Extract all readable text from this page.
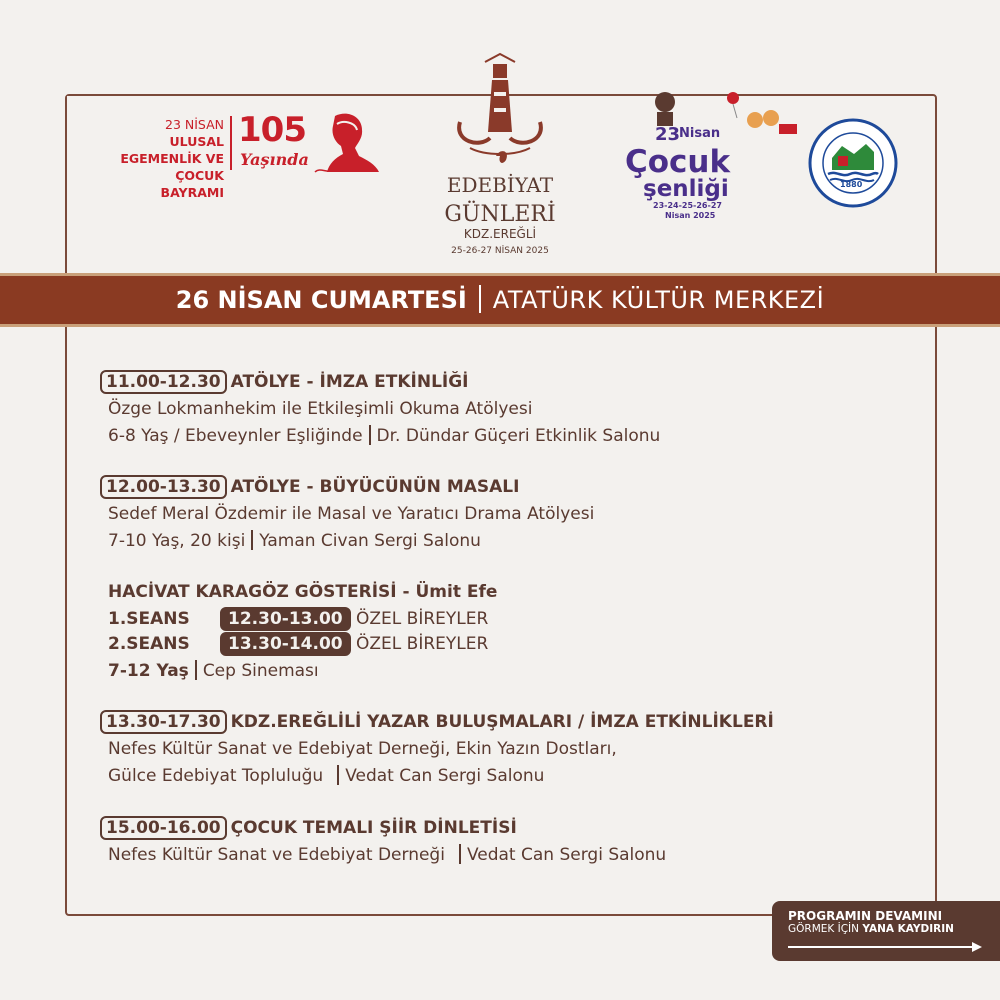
23 NİSAN ULUSAL
EGEMENLİK VE
ÇOCUK BAYRAMI
105
Yaşında
EDEBİYAT
GÜNLERİ
KDZ.EREĞLİ
25-26-27 NİSAN 2025
23
Nisan
Çocuk
şenliği
23-24-25-26-27
Nisan 2025
1880
26 NİSAN CUMARTESİ ATATÜRK KÜLTÜR MERKEZİ
11.00-12.30 ATÖLYE - İMZA ETKİNLİĞİ
Özge Lokmanhekim ile Etkileşimli Okuma Atölyesi
6-8 Yaş / Ebeveynler Eşliğinde Dr. Dündar Güçeri Etkinlik Salonu
12.00-13.30 ATÖLYE - BÜYÜCÜNÜN MASALI
Sedef Meral Özdemir ile Masal ve Yaratıcı Drama Atölyesi
7-10 Yaş, 20 kişi Yaman Civan Sergi Salonu
HACİVAT KARAGÖZ GÖSTERİSİ - Ümit Efe
1.SEANS 12.30-13.00 ÖZEL BİREYLER
2.SEANS 13.30-14.00 ÖZEL BİREYLER
7-12 Yaş Cep Sineması
13.30-17.30 KDZ.EREĞLİLİ YAZAR BULUŞMALARI / İMZA ETKİNLİKLERİ
Nefes Kültür Sanat ve Edebiyat Derneği, Ekin Yazın Dostları,
Gülce Edebiyat Topluluğu Vedat Can Sergi Salonu
15.00-16.00 ÇOCUK TEMALI ŞİİR DİNLETİSİ
Nefes Kültür Sanat ve Edebiyat Derneği Vedat Can Sergi Salonu
PROGRAMIN DEVAMINI
GÖRMEK İÇİN YANA KAYDIRIN
